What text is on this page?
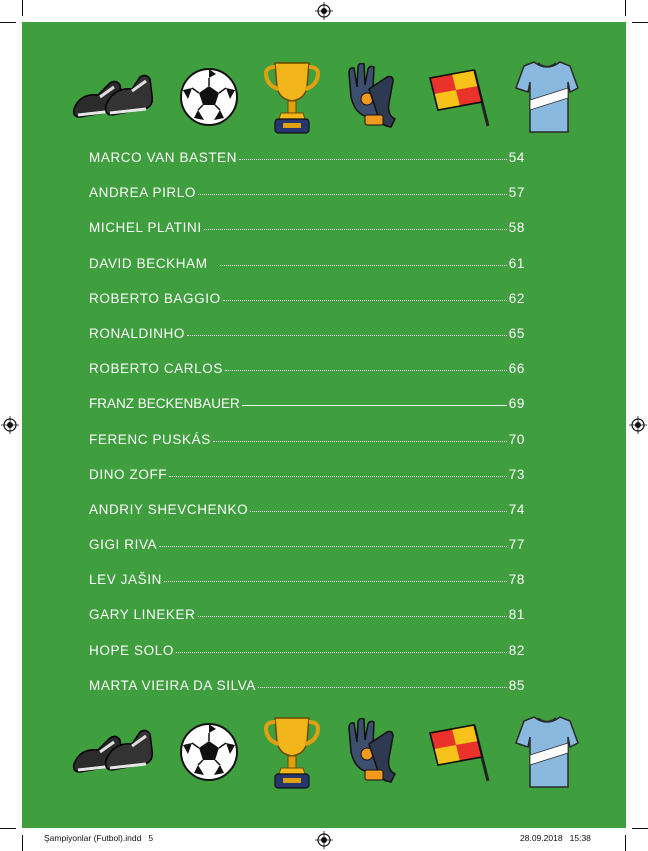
MARCO VAN BASTEN	54
ANDREA PIRLO	57
MICHEL PLATINI	58
DAVID BECKHAM	61
ROBERTO BAGGIO	62
RONALDINHO	65
ROBERTO CARLOS	66
FRANZ BECKENBAUER	69
FERENC PUSKÁS	70
DINO ZOFF	73
ANDRIY SHEVCHENKO	74
GIGI RIVA	77
LEV JAŠIN	78
GARY LINEKER	81
HOPE SOLO	82
MARTA VIEIRA DA SILVA	85
Şampiyonlar (Futbol).indd   5	28.09.2018   15:38
